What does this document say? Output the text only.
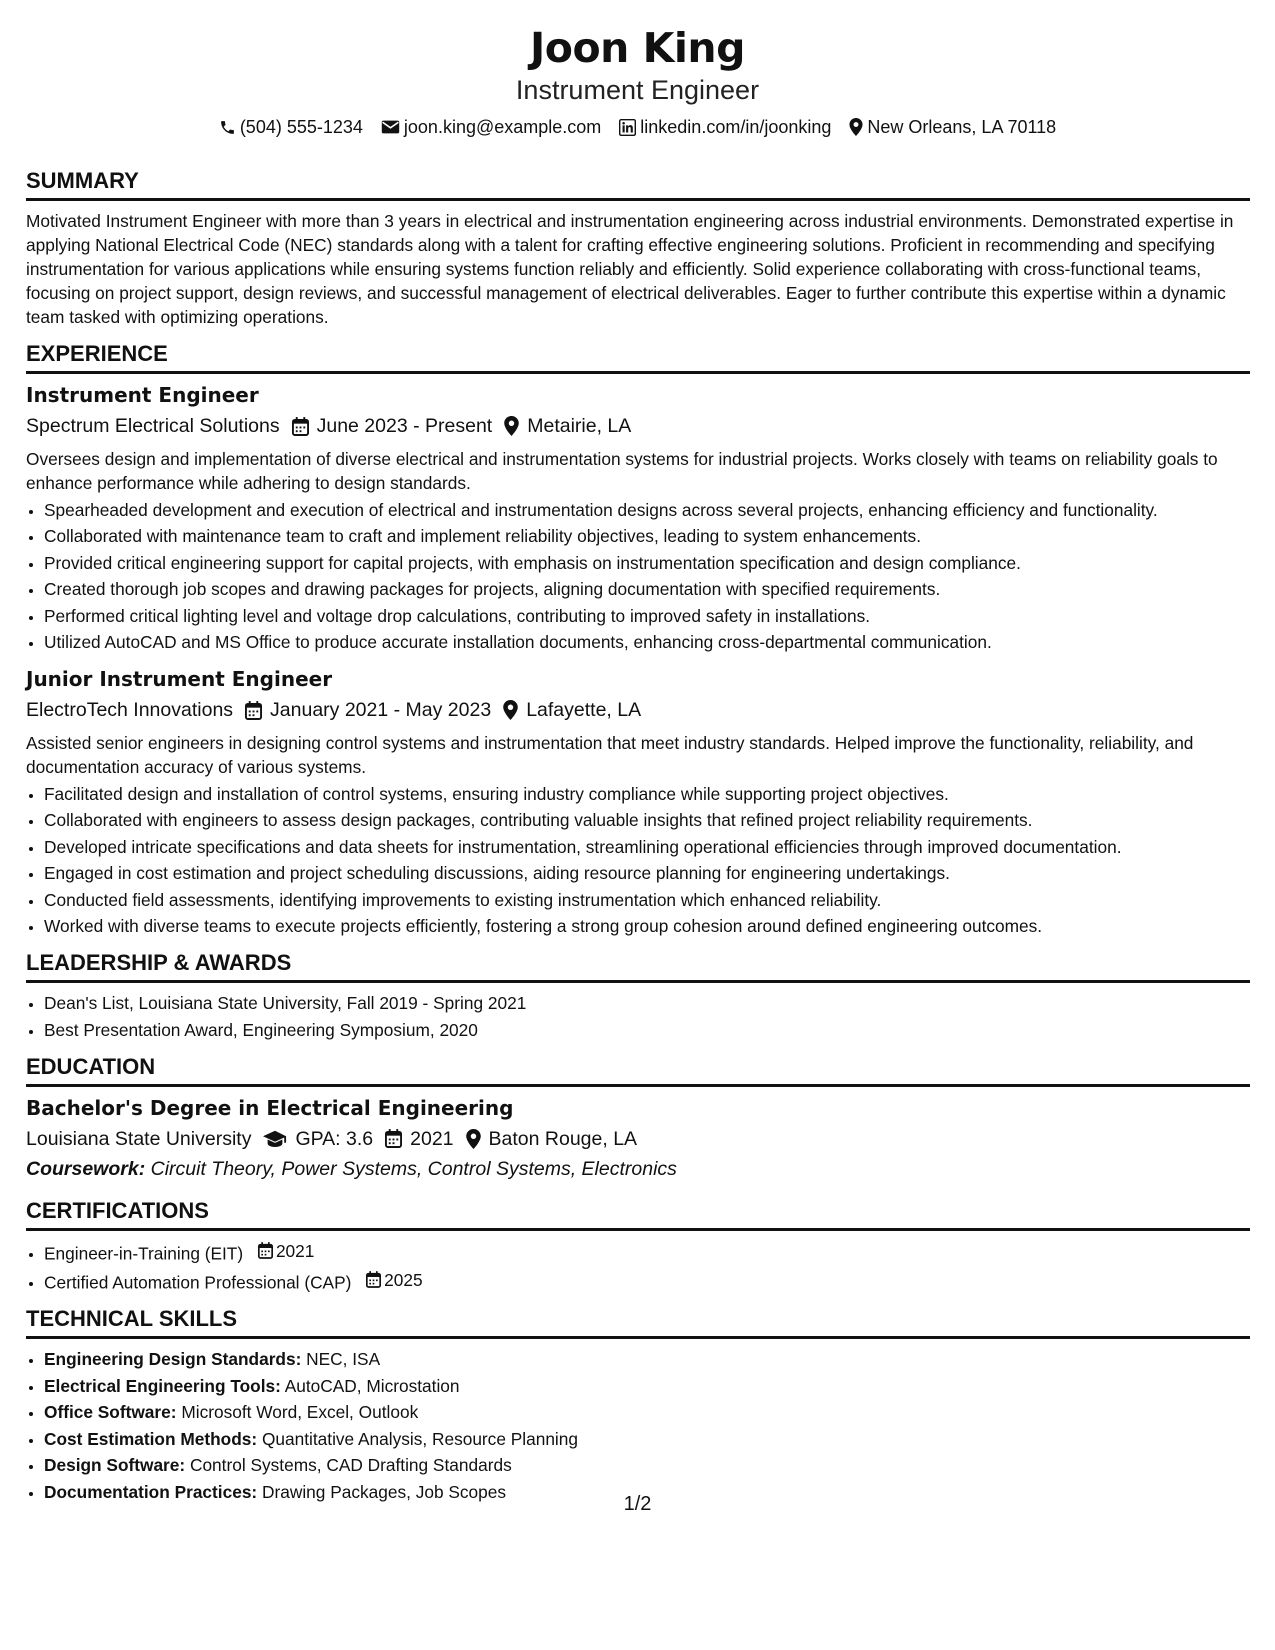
Joon King
Instrument Engineer
(504) 555-1234 joon.king@example.com linkedin.com/in/joonking New Orleans, LA 70118
SUMMARY

Motivated Instrument Engineer with more than 3 years in electrical and instrumentation engineering across industrial environments. Demonstrated expertise in applying National Electrical Code (NEC) standards along with a talent for crafting effective engineering solutions. Proficient in recommending and specifying instrumentation for various applications while ensuring systems function reliably and efficiently. Solid experience collaborating with cross-functional teams, focusing on project support, design reviews, and successful management of electrical deliverables. Eager to further contribute this expertise within a dynamic team tasked with optimizing operations.

EXPERIENCE
Instrument Engineer
Spectrum Electrical Solutions June 2023 - Present Metairie, LA
Oversees design and implementation of diverse electrical and instrumentation systems for industrial projects. Works closely with teams on reliability goals to enhance performance while adhering to design standards.
• Spearheaded development and execution of electrical and instrumentation designs across several projects, enhancing efficiency and functionality.
• Collaborated with maintenance team to craft and implement reliability objectives, leading to system enhancements.
• Provided critical engineering support for capital projects, with emphasis on instrumentation specification and design compliance.
• Created thorough job scopes and drawing packages for projects, aligning documentation with specified requirements.
• Performed critical lighting level and voltage drop calculations, contributing to improved safety in installations.
• Utilized AutoCAD and MS Office to produce accurate installation documents, enhancing cross-departmental communication.
Junior Instrument Engineer
ElectroTech Innovations January 2021 - May 2023 Lafayette, LA
Assisted senior engineers in designing control systems and instrumentation that meet industry standards. Helped improve the functionality, reliability, and documentation accuracy of various systems.
• Facilitated design and installation of control systems, ensuring industry compliance while supporting project objectives.
• Collaborated with engineers to assess design packages, contributing valuable insights that refined project reliability requirements.
• Developed intricate specifications and data sheets for instrumentation, streamlining operational efficiencies through improved documentation.
• Engaged in cost estimation and project scheduling discussions, aiding resource planning for engineering undertakings.
• Conducted field assessments, identifying improvements to existing instrumentation which enhanced reliability.
• Worked with diverse teams to execute projects efficiently, fostering a strong group cohesion around defined engineering outcomes.
LEADERSHIP & AWARDS
• Dean's List, Louisiana State University, Fall 2019 - Spring 2021
• Best Presentation Award, Engineering Symposium, 2020
EDUCATION
Bachelor's Degree in Electrical Engineering
Louisiana State University GPA: 3.6 2021 Baton Rouge, LA
Coursework: Circuit Theory, Power Systems, Control Systems, Electronics
CERTIFICATIONS
• Engineer-in-Training (EIT) 2021
• Certified Automation Professional (CAP) 2025
TECHNICAL SKILLS
• Engineering Design Standards: NEC, ISA
• Electrical Engineering Tools: AutoCAD, Microstation
• Office Software: Microsoft Word, Excel, Outlook
• Cost Estimation Methods: Quantitative Analysis, Resource Planning
• Design Software: Control Systems, CAD Drafting Standards
• Documentation Practices: Drawing Packages, Job Scopes
1/2
